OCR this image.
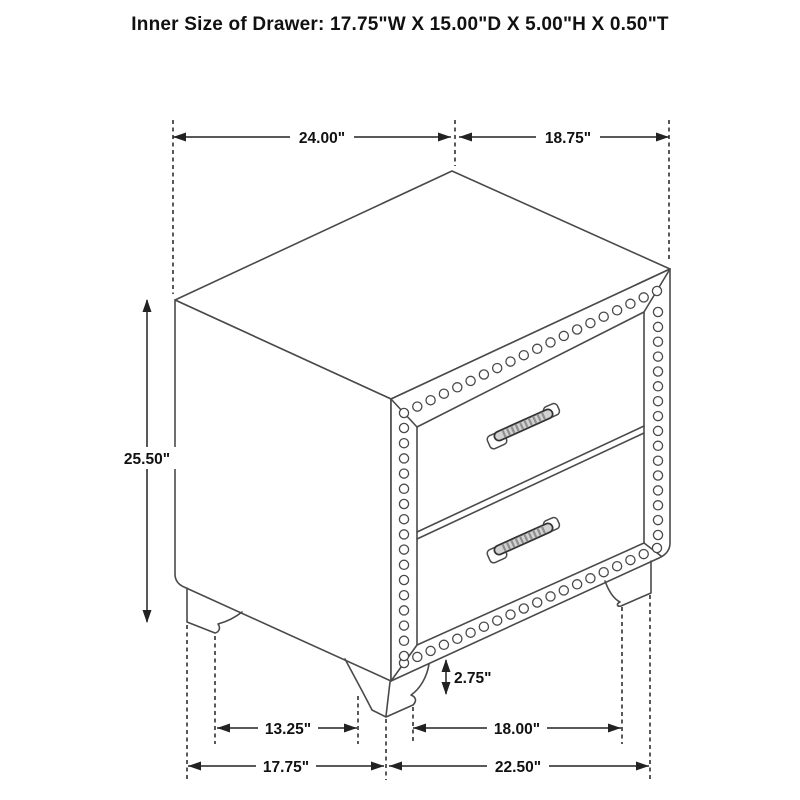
Inner Size of Drawer: 17.75"W X 15.00"D X 5.00"H X 0.50"T
24.00"	18.75"
25.50"
2.75"
13.25"	18.00"
17.75"	22.50"
